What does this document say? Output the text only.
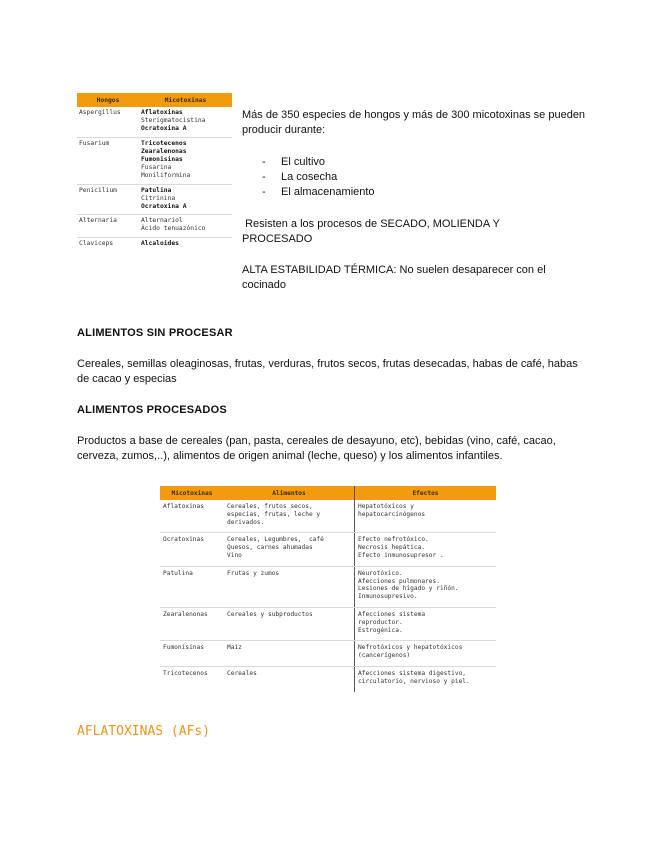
Hongos	Micotoxinas
Aspergillus	Aflatoxinas
Sterigmatocistina
Ocratoxina A

Fusarium	Tricotecenos
Zearalenonas
Fumonisinas
Fusarina
Moniliformina

Penicilium	Patulina
Citrinina
Ocratoxina A

Alternaria	Alternariol
Ácido tenuazónico

Claviceps	Alcaloides
Más de 350 especies de hongos y más de 300 micotoxinas se pueden producir durante:
- El cultivo
- La cosecha
- El almacenamiento
Resisten a los procesos de SECADO, MOLIENDA Y PROCESADO
ALTA ESTABILIDAD TÉRMICA: No suelen desaparecer con el cocinado
ALIMENTOS SIN PROCESAR
Cereales, semillas oleaginosas, frutas, verduras, frutos secos, frutas desecadas, habas de café, habas de cacao y especias
ALIMENTOS PROCESADOS
Productos a base de cereales (pan, pasta, cereales de desayuno, etc), bebidas (vino, café, cacao, cerveza, zumos,..), alimentos de origen animal (leche, queso) y los alimentos infantiles.
Micotoxinas	Alimentos	Efectos
Aflatoxinas	Cereales, frutos secos,
especias, frutas, leche y
derivados.	Hepatotóxicos y
hepatocarcinógenos

Ocratoxinas	Cereales, Legumbres,  café
Quesos, carnes ahumadas
Vino	Efecto nefrotóxico.
Necrosis hepática.
Efecto inmunosupresor .

Patulina	Frutas y zumos	Neurotóxico.
Afecciones pulmonares.
Lesiones de hígado y riñón.
Inmunosupresivo.

Zearalenonas	Cereales y subproductos	Afecciones sistema
reproductor.
Estrogénica.

Fumonisinas	Maíz	Nefrotóxicos y hepatotóxicos
(cancerígenos)

Tricotecenos	Cereales	Afecciones sistema digestivo,
circulatorio, nervioso y piel.
AFLATOXINAS (AFs)
